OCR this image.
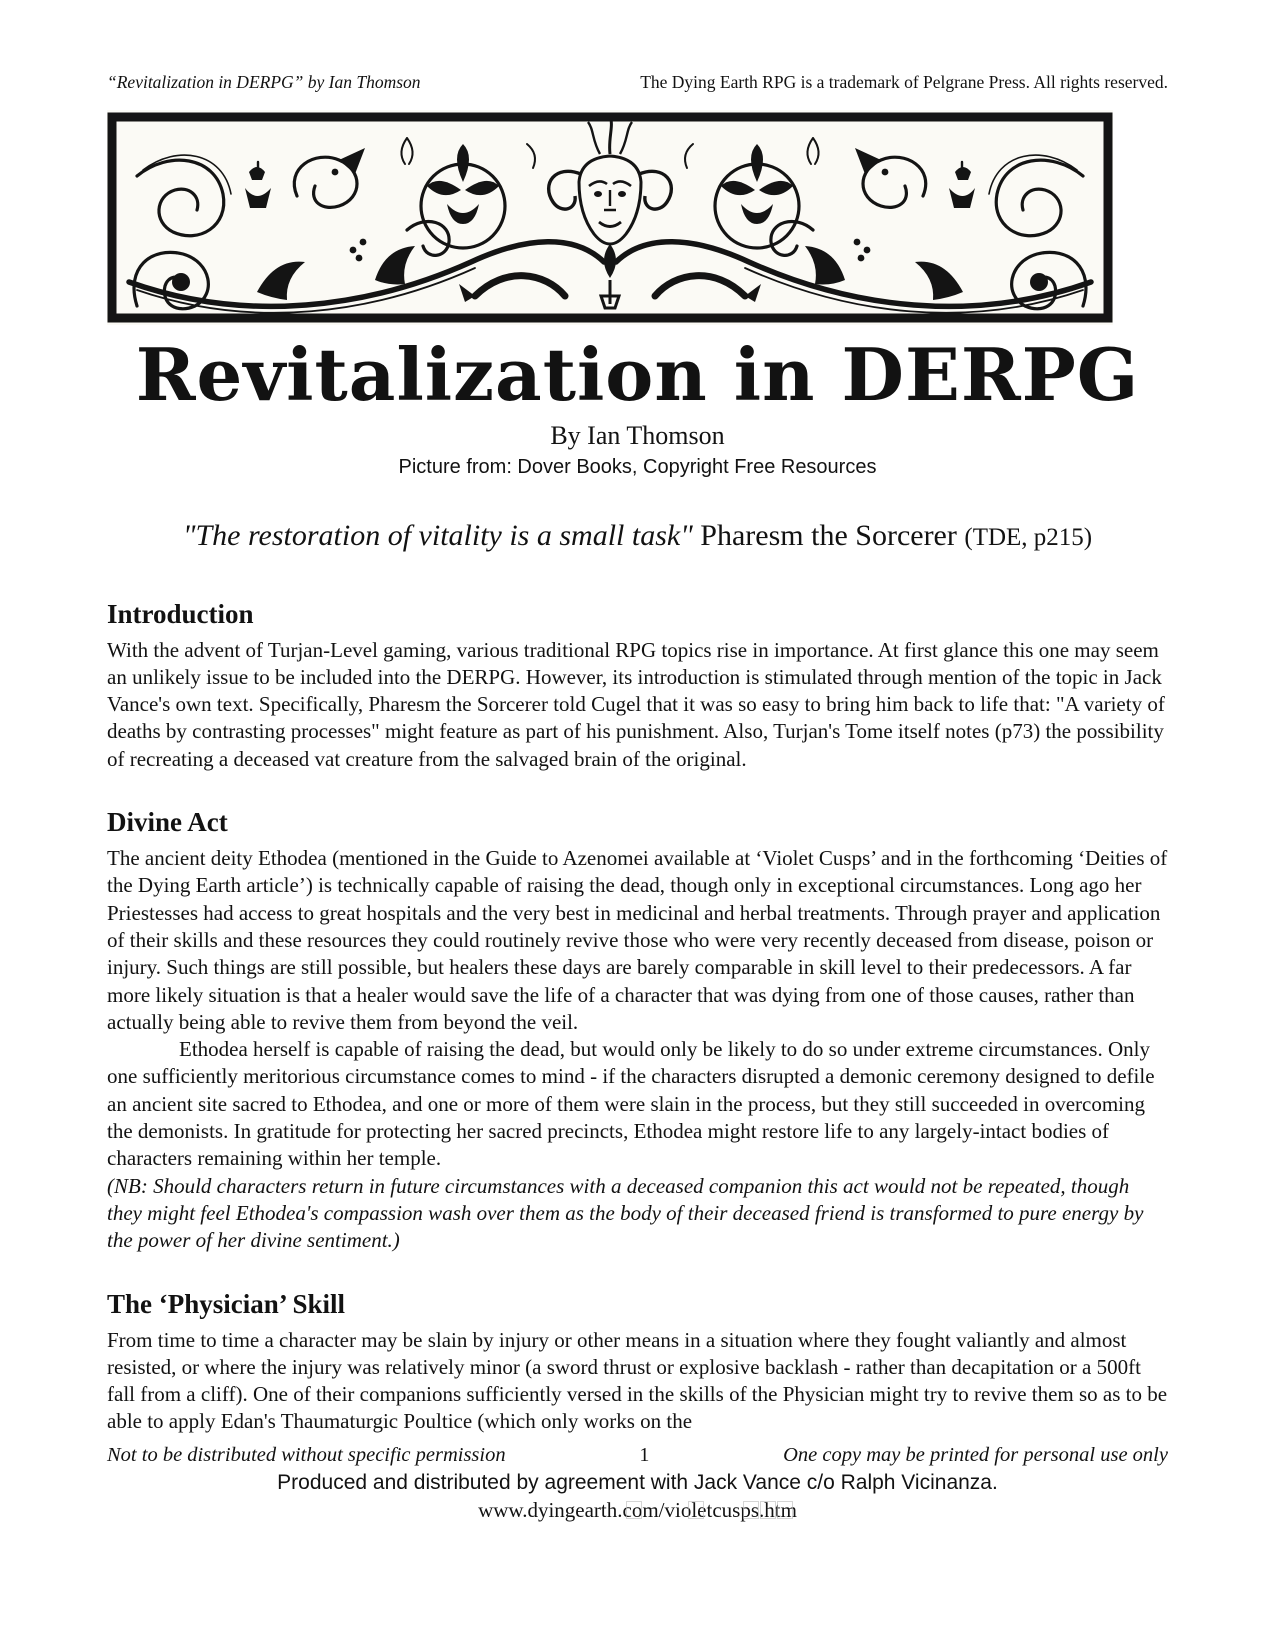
“Revitalization in DERPG” by Ian Thomson	The Dying Earth RPG is a trademark of Pelgrane Press. All rights reserved.
Revitalization in DERPG
By Ian Thomson
Picture from: Dover Books, Copyright Free Resources
"The restoration of vitality is a small task" Pharesm the Sorcerer (TDE, p215)
Introduction

With the advent of Turjan-Level gaming, various traditional RPG topics rise in importance. At first glance this one may seem an unlikely issue to be included into the DERPG. However, its introduction is stimulated through mention of the topic in Jack Vance's own text. Specifically, Pharesm the Sorcerer told Cugel that it was so easy to bring him back to life that: "A variety of deaths by contrasting processes" might feature as part of his punishment. Also, Turjan's Tome itself notes (p73) the possibility of recreating a deceased vat creature from the salvaged brain of the original.

Divine Act

The ancient deity Ethodea (mentioned in the Guide to Azenomei available at ‘Violet Cusps’ and in the forthcoming ‘Deities of the Dying Earth article’) is technically capable of raising the dead, though only in exceptional circumstances. Long ago her Priestesses had access to great hospitals and the very best in medicinal and herbal treatments. Through prayer and application of their skills and these resources they could routinely revive those who were very recently deceased from disease, poison or injury. Such things are still possible, but healers these days are barely comparable in skill level to their predecessors. A far more likely situation is that a healer would save the life of a character that was dying from one of those causes, rather than actually being able to revive them from beyond the veil.

Ethodea herself is capable of raising the dead, but would only be likely to do so under extreme circumstances. Only one sufficiently meritorious circumstance comes to mind - if the characters disrupted a demonic ceremony designed to defile an ancient site sacred to Ethodea, and one or more of them were slain in the process, but they still succeeded in overcoming the demonists. In gratitude for protecting her sacred precincts, Ethodea might restore life to any largely-intact bodies of characters remaining within her temple.

(NB: Should characters return in future circumstances with a deceased companion this act would not be repeated, though they might feel Ethodea's compassion wash over them as the body of their deceased friend is transformed to pure energy by the power of her divine sentiment.)

The ‘Physician’ Skill

From time to time a character may be slain by injury or other means in a situation where they fought valiantly and almost resisted, or where the injury was relatively minor (a sword thrust or explosive backlash - rather than decapitation or a 500ft fall from a cliff). One of their companions sufficiently versed in the skills of the Physician might try to revive them so as to be able to apply Edan's Thaumaturgic Poultice (which only works on the

Not to be distributed without specific permission	1	One copy may be printed for personal use only
Produced and distributed by agreement with Jack Vance c/o Ralph Vicinanza.
www.dyingearth.com/violetcusps.htm
